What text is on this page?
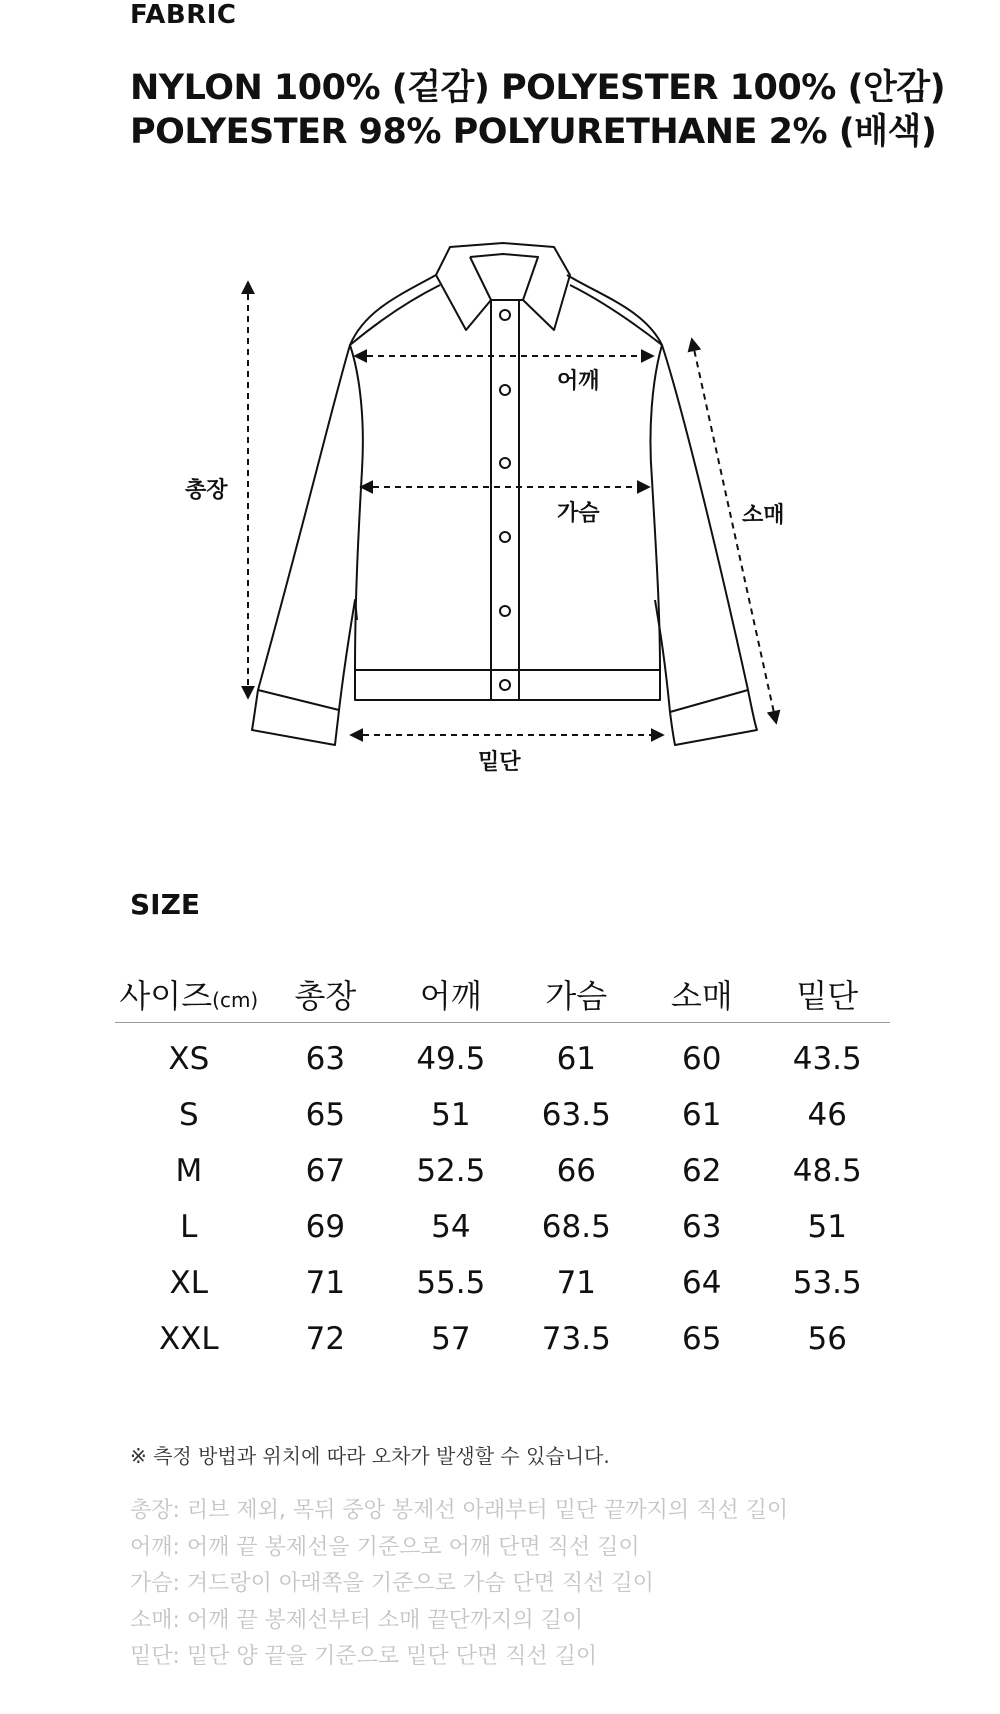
FABRIC
NYLON 100% (겉감) POLYESTER 100% (안감)
POLYESTER 98% POLYURETHANE 2% (배색)
총장
어깨
가슴	소매
밑단
SIZE
사이즈(cm)	총장	어깨	가슴	소매	밑단
XS	63	49.5	61	60	43.5
S	65	51	63.5	61	46
M	67	52.5	66	62	48.5
L	69	54	68.5	63	51
XL	71	55.5	71	64	53.5
XXL	72	57	73.5	65	56
※ 측정 방법과 위치에 따라 오차가 발생할 수 있습니다.
총장: 리브 제외, 목뒤 중앙 봉제선 아래부터 밑단 끝까지의 직선 길이
어깨: 어깨 끝 봉제선을 기준으로 어깨 단면 직선 길이
가슴: 겨드랑이 아래쪽을 기준으로 가슴 단면 직선 길이
소매: 어깨 끝 봉제선부터 소매 끝단까지의 길이
밑단: 밑단 양 끝을 기준으로 밑단 단면 직선 길이
